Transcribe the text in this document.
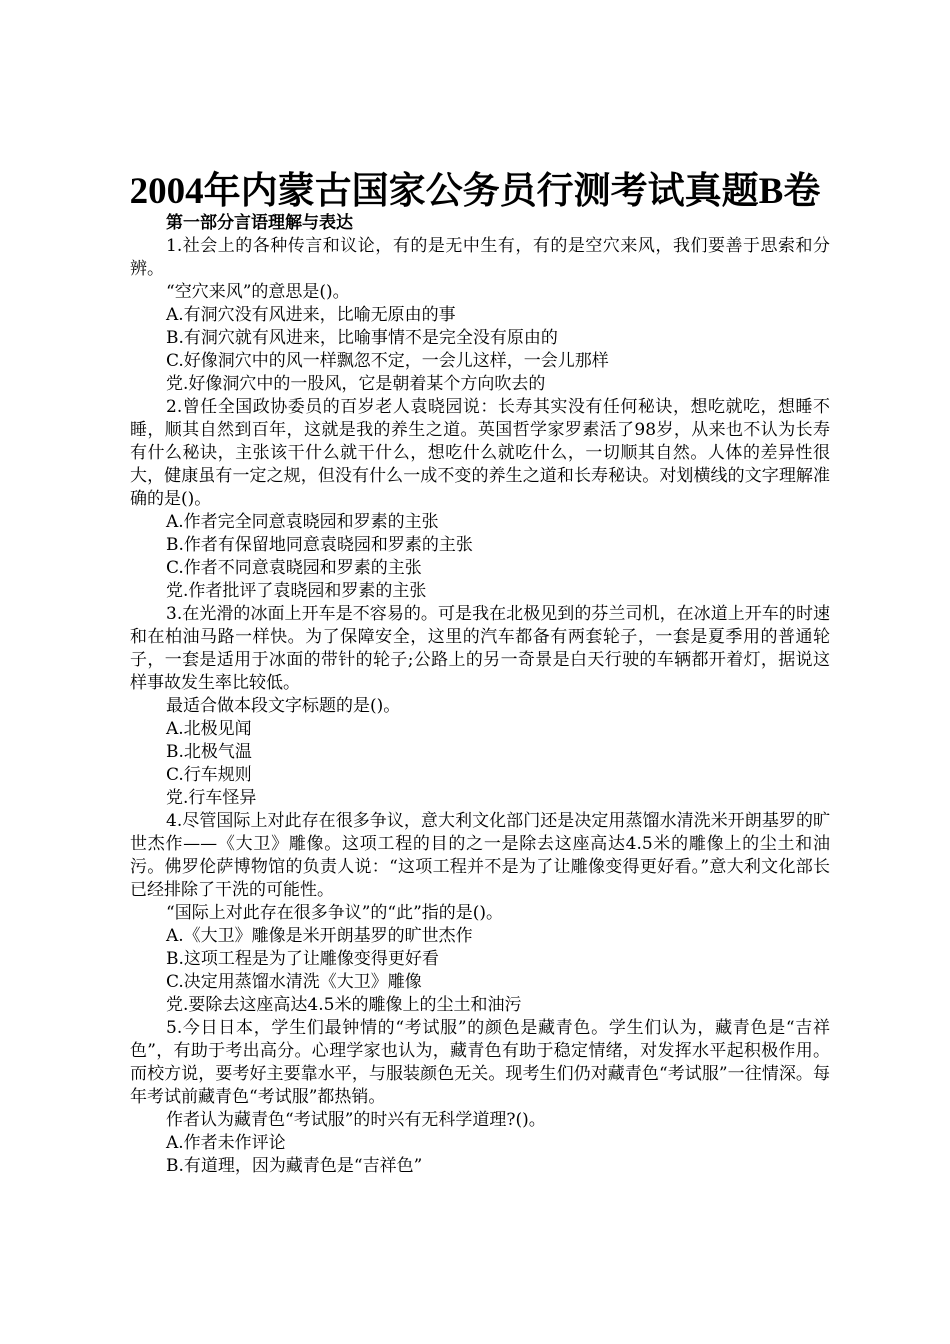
2004年内蒙古国家公务员行测考试真题B卷

第一部分言语理解与表达

1.社会上的各种传言和议论，有的是无中生有，有的是空穴来风，我们要善于思索和分辨。

“空穴来风”的意思是()。

A.有洞穴没有风进来，比喻无原由的事

B.有洞穴就有风进来，比喻事情不是完全没有原由的

C.好像洞穴中的风一样飘忽不定，一会儿这样，一会儿那样

党.好像洞穴中的一股风，它是朝着某个方向吹去的

2.曾任全国政协委员的百岁老人袁晓园说：长寿其实没有任何秘诀，想吃就吃，想睡不睡，顺其自然到百年，这就是我的养生之道。英国哲学家罗素活了98岁，从来也不认为长寿有什么秘诀，主张该干什么就干什么，想吃什么就吃什么，一切顺其自然。人体的差异性很大，健康虽有一定之规，但没有什么一成不变的养生之道和长寿秘诀。对划横线的文字理解准确的是()。

A.作者完全同意袁晓园和罗素的主张

B.作者有保留地同意袁晓园和罗素的主张

C.作者不同意袁晓园和罗素的主张

党.作者批评了袁晓园和罗素的主张

3.在光滑的冰面上开车是不容易的。可是我在北极见到的芬兰司机，在冰道上开车的时速和在柏油马路一样快。为了保障安全，这里的汽车都备有两套轮子，一套是夏季用的普通轮子，一套是适用于冰面的带针的轮子;公路上的另一奇景是白天行驶的车辆都开着灯，据说这样事故发生率比较低。

最适合做本段文字标题的是()。

A.北极见闻

B.北极气温

C.行车规则

党.行车怪异

4.尽管国际上对此存在很多争议，意大利文化部门还是决定用蒸馏水清洗米开朗基罗的旷世杰作——《大卫》雕像。这项工程的目的之一是除去这座高达4.5米的雕像上的尘土和油污。佛罗伦萨博物馆的负责人说：“这项工程并不是为了让雕像变得更好看。”意大利文化部长已经排除了干洗的可能性。

“国际上对此存在很多争议”的“此”指的是()。

A.《大卫》雕像是米开朗基罗的旷世杰作

B.这项工程是为了让雕像变得更好看

C.决定用蒸馏水清洗《大卫》雕像

党.要除去这座高达4.5米的雕像上的尘土和油污

5.今日日本，学生们最钟情的“考试服”的颜色是藏青色。学生们认为，藏青色是“吉祥色”，有助于考出高分。心理学家也认为，藏青色有助于稳定情绪，对发挥水平起积极作用。而校方说，要考好主要靠水平，与服装颜色无关。现考生们仍对藏青色“考试服”一往情深。每年考试前藏青色“考试服”都热销。

作者认为藏青色“考试服”的时兴有无科学道理?()。

A.作者未作评论

B.有道理，因为藏青色是“吉祥色”
